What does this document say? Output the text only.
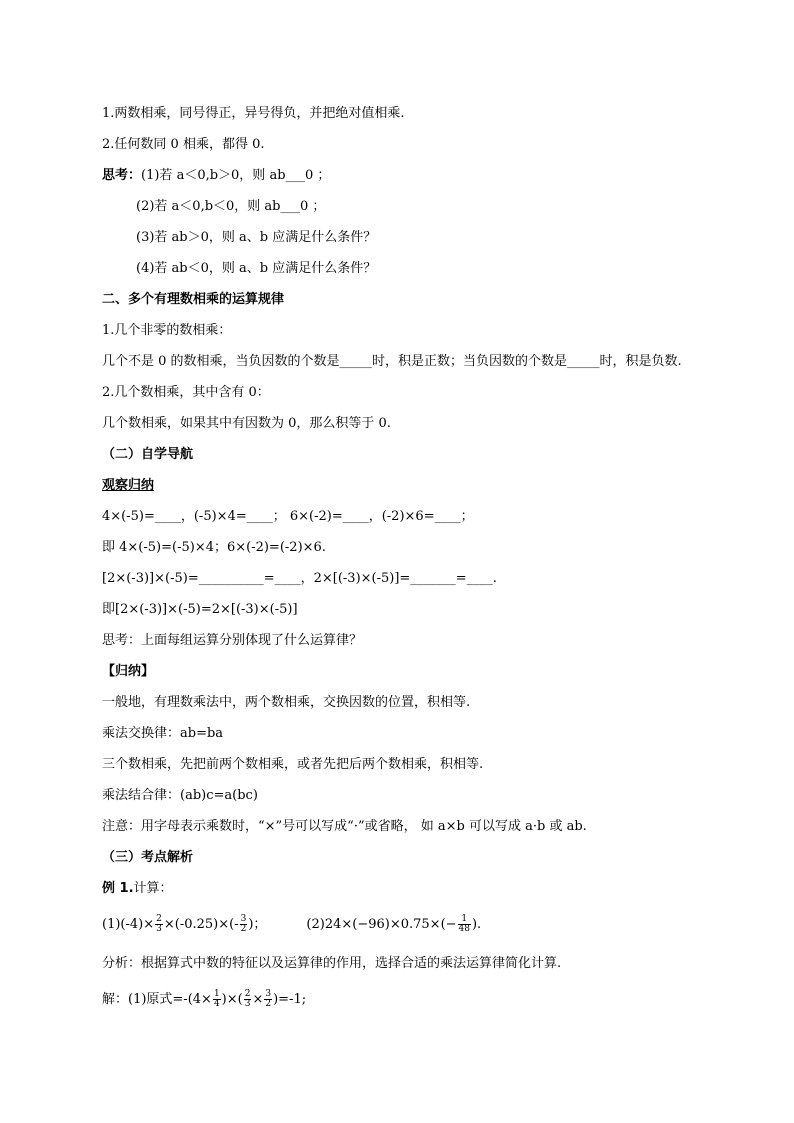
1.两数相乘，同号得正，异号得负，并把绝对值相乘.
2.任何数同 0 相乘，都得 0.
思考：(1)若 a＜0,b＞0，则 ab___0 ；
(2)若 a＜0,b＜0，则 ab___0 ；
(3)若 ab＞0，则 a、b 应满足什么条件？
(4)若 ab＜0，则 a、b 应满足什么条件？
二、多个有理数相乘的运算规律
1.几个非零的数相乘：
几个不是 0 的数相乘，当负因数的个数是_____时，积是正数；当负因数的个数是_____时，积是负数.
2.几个数相乘，其中含有 0：
几个数相乘，如果其中有因数为 0，那么积等于 0.
（二）自学导航
观察归纳
4×(-5)=____，(-5)×4=____； 6×(-2)=____，(-2)×6=____；
即 4×(-5)=(-5)×4；6×(-2)=(-2)×6.
[2×(-3)]×(-5)=__________=____，2×[(-3)×(-5)]=_______=____.
即[2×(-3)]×(-5)=2×[(-3)×(-5)]
思考：上面每组运算分别体现了什么运算律？
【归纳】
一般地，有理数乘法中，两个数相乘，交换因数的位置，积相等.
乘法交换律：ab=ba
三个数相乘，先把前两个数相乘，或者先把后两个数相乘，积相等.
乘法结合律：(ab)c=a(bc)
注意：用字母表示乘数时，“×”号可以写成“·”或省略， 如 a×b 可以写成 a·b 或 ab.
（三）考点解析
例 1.计算：
$(1)(-4)\times \frac{2}{3} \times(-0.25)\times(- \frac{3}{2}$ )；	$(2)24\times(-96)\times 0.75\times(- \frac{1}{48}$ ).
分析：根据算式中数的特征以及运算律的作用，选择合适的乘法运算律简化计算.
解：(1)原式$=-(4\times \frac{1}{4}$ )×( $\frac{2}{3} \times \frac{3}{2} )=-1$;
